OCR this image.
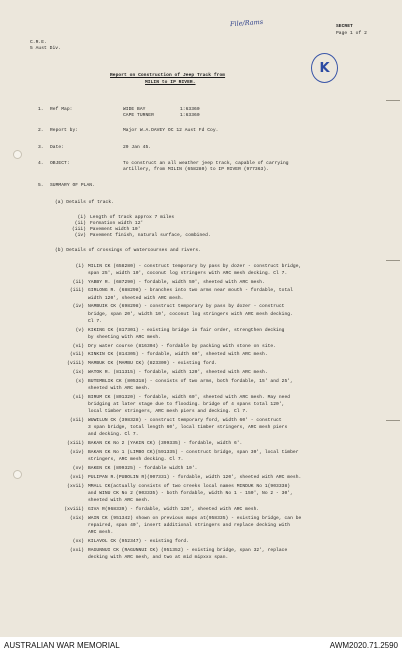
File/Rams	SECRET
Page 1 of 2
K
C.R.E.
5 Aust Div.
Report on Construction of Jeep Track from
MILIN to IP RIVER.
1. Ref Map:	WIDE BAY	1:63360
CAPE TURNER	1:63360
2. Report by:	Major W.A.DAVEY OC 12 Aust Fd Coy.
3. Date:	29 Jan 45.
4. OBJECT:	To construct an all weather jeep track, capable of carrying
artillery, from MILIN (658280) to IP RIVER (977363).
5. SUMMARY OF PLAN.
(a) Details of track.
(i) Length of track approx 7 miles
(ii) Formation width 12'
(iii) Pavement width 10'
(iv) Pavement finish, natural surface, combined.
(b) Details of crossings of watercourses and rivers.
(i) MILIN CK (658280) - construct temporary by pass by dozer - construct bridge,
span 25', width 10', coconut log stringers with ARC mesh decking. Cl 7.
(ii) YABBY R. (687290) - fordable, width 50', sheeted with ARC mesh.
(iii) GIRLONG R. (688298) - branches into two arms near mouth - fordable, total
width 120', sheeted with ARC mesh.
(iv) NAMBUIK CK (698298) - construct temporary by pass by dozer - construct
bridge, span 20', width 10', coconut log stringers with ARC mesh decking.
Cl 7.
(v) KIKING CK (817301) - existing bridge in fair order, strengthen decking
by sheeting with ARC mesh.
(vi) Dry water course (816304) - fordable by packing with stone on site.
(vii) KINKIN CK (814305) - fordable, width 60', sheeted with ARC mesh.
(viii) MAMBUK CK (MAMBU CK) (823309) - existing ford.
(ix) WATOK R. (811315) - fordable, width 120', sheeted with ARC mesh.
(x) BUTEMBLIK CK (805318) - consists of two arms, both fordable, 15' and 25',
sheeted with ARC mesh.
(xi) BIRUM CK (801320) - fordable, width 60', sheeted with ARC mesh. May need
bridging at later stage due to flooding. bridge of 4 spans total 120',
local timber stringers, ARC mesh piers and decking. Cl 7.
(xii) WUWILUN CK (398328) - construct temporary ford, width 60' - construct
3 span bridge, total length 60', local timber stringers, ARC mesh piers
and decking. Cl 7.
(xiii) BAKAN CK No 2 (YAKIN CK) (399335) - fordable, width 6'.
(xiv) BAKAN CK No 1 (LIMBO CK)(591335) - construct bridge, span 30', local timber
stringers, ARC mesh decking. Cl 7.
(xv) BAKEN CK (899325) - fordable width 10'.
(xvi) PULIPAN R.(PUBOLIN R)(907331) - fordable, width 120', sheeted with ARC mesh.
(xvii) MMALL CK(actually consists of two creeks local names MINDUK No 1(903338)
and WINU CK No 2 (903335) - both fordable, width No 1 - 150', No 2 - 30',
sheeted with ARC mesh.
(xviii) GIVA R(968339) - fordable, width 120', sheeted with ARC mesh.
(xix) WAIN CK (951342) shown on previous maps at(958335) - existing bridge, can be
repaired, span 40', insert additional stringers and replace decking with
ARC mesh.
(xx) KILAVOL CK (952347) - existing ford.
(xxi) RAGUNNUI CK (RAGUNNUI CK) (951352) - existing bridge, span 32', replace
decking with ARC mesh, and two at mid mipxxx span.
AUSTRALIAN WAR MEMORIAL	AWM2020.71.2590
